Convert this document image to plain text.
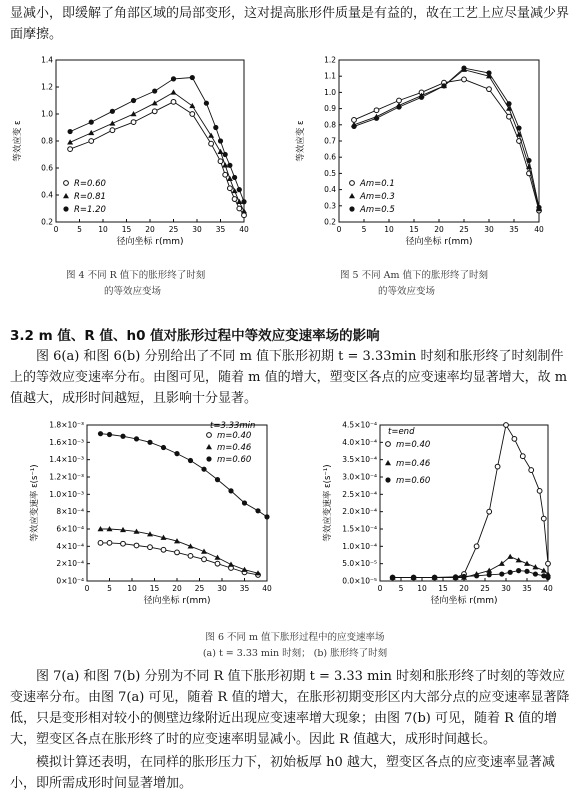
显减小，即缓解了角部区域的局部变形，这对提高胀形件质量是有益的，故在工艺上应尽量减少界面摩擦。

0 5 10 15 20 25 30 35 40
0.2
0.4
0.6
0.8
1.0
1.2
1.4
径向坐标 r(mm)
等效应变 ε
R=0.60
R=0.81
R=1.20
0	5 10 15 20 25 30 35 40
0.2
0.3
0.4
0.5
0.6
0.7
0.8
0.9
1.0
1.1
1.2
径向坐标 r(mm)
等效应变 ε
Am=0.1
Am=0.3
Am=0.5
图 4 不同 R 值下的胀形终了时刻
的等效应变场
图 5 不同 Am 值下的胀形终了时刻
的等效应变场
3.2 m 值、R 值、h0 值对胀形过程中等效应变速率场的影响

图 6(a) 和图 6(b) 分别给出了不同 m 值下胀形初期 t = 3.33min 时刻和胀形终了时刻制件上的等效应变速率分布。由图可见，随着 m 值的增大，塑变区各点的应变速率均显著增大，故 m 值越大，成形时间越短，且影响十分显著。

0 5 10 15 20 25 30 35 40
0×10⁻⁴
2×10⁻⁴
4×10⁻⁴
6×10⁻⁴
8×10⁻⁴
1.0×10⁻³
1.2×10⁻³
1.4×10⁻³
1.6×10⁻³
1.8×10⁻³
径向坐标 r(mm)
等效应变速率 ε(s⁻¹)
t=3.33min
m=0.40
m=0.46
m=0.60
0 5 10 15 20 25 30 35 40
0.0×10⁻⁵
5.0×10⁻⁵
1.0×10⁻⁴
1.5×10⁻⁴
2.0×10⁻⁴
2.5×10⁻⁴
3.0×10⁻⁴
3.5×10⁻⁴
4.0×10⁻⁴
4.5×10⁻⁴
径向坐标 r(mm)
等效应变速率 ε(s⁻¹)
t=end
m=0.40
m=0.46
m=0.60
图 6 不同 m 值下胀形过程中的应变速率场
(a) t = 3.33 min 时刻； (b) 胀形终了时刻

图 7(a) 和图 7(b) 分别为不同 R 值下胀形初期 t = 3.33 min 时刻和胀形终了时刻的等效应变速率分布。由图 7(a) 可见，随着 R 值的增大，在胀形初期变形区内大部分点的应变速率显著降低，只是变形相对较小的侧壁边缘附近出现应变速率增大现象；由图 7(b) 可见，随着 R 值的增大，塑变区各点在胀形终了时的应变速率明显减小。因此 R 值越大，成形时间越长。

模拟计算还表明，在同样的胀形压力下，初始板厚 h0 越大，塑变区各点的应变速率显著减小，即所需成形时间显著增加。
